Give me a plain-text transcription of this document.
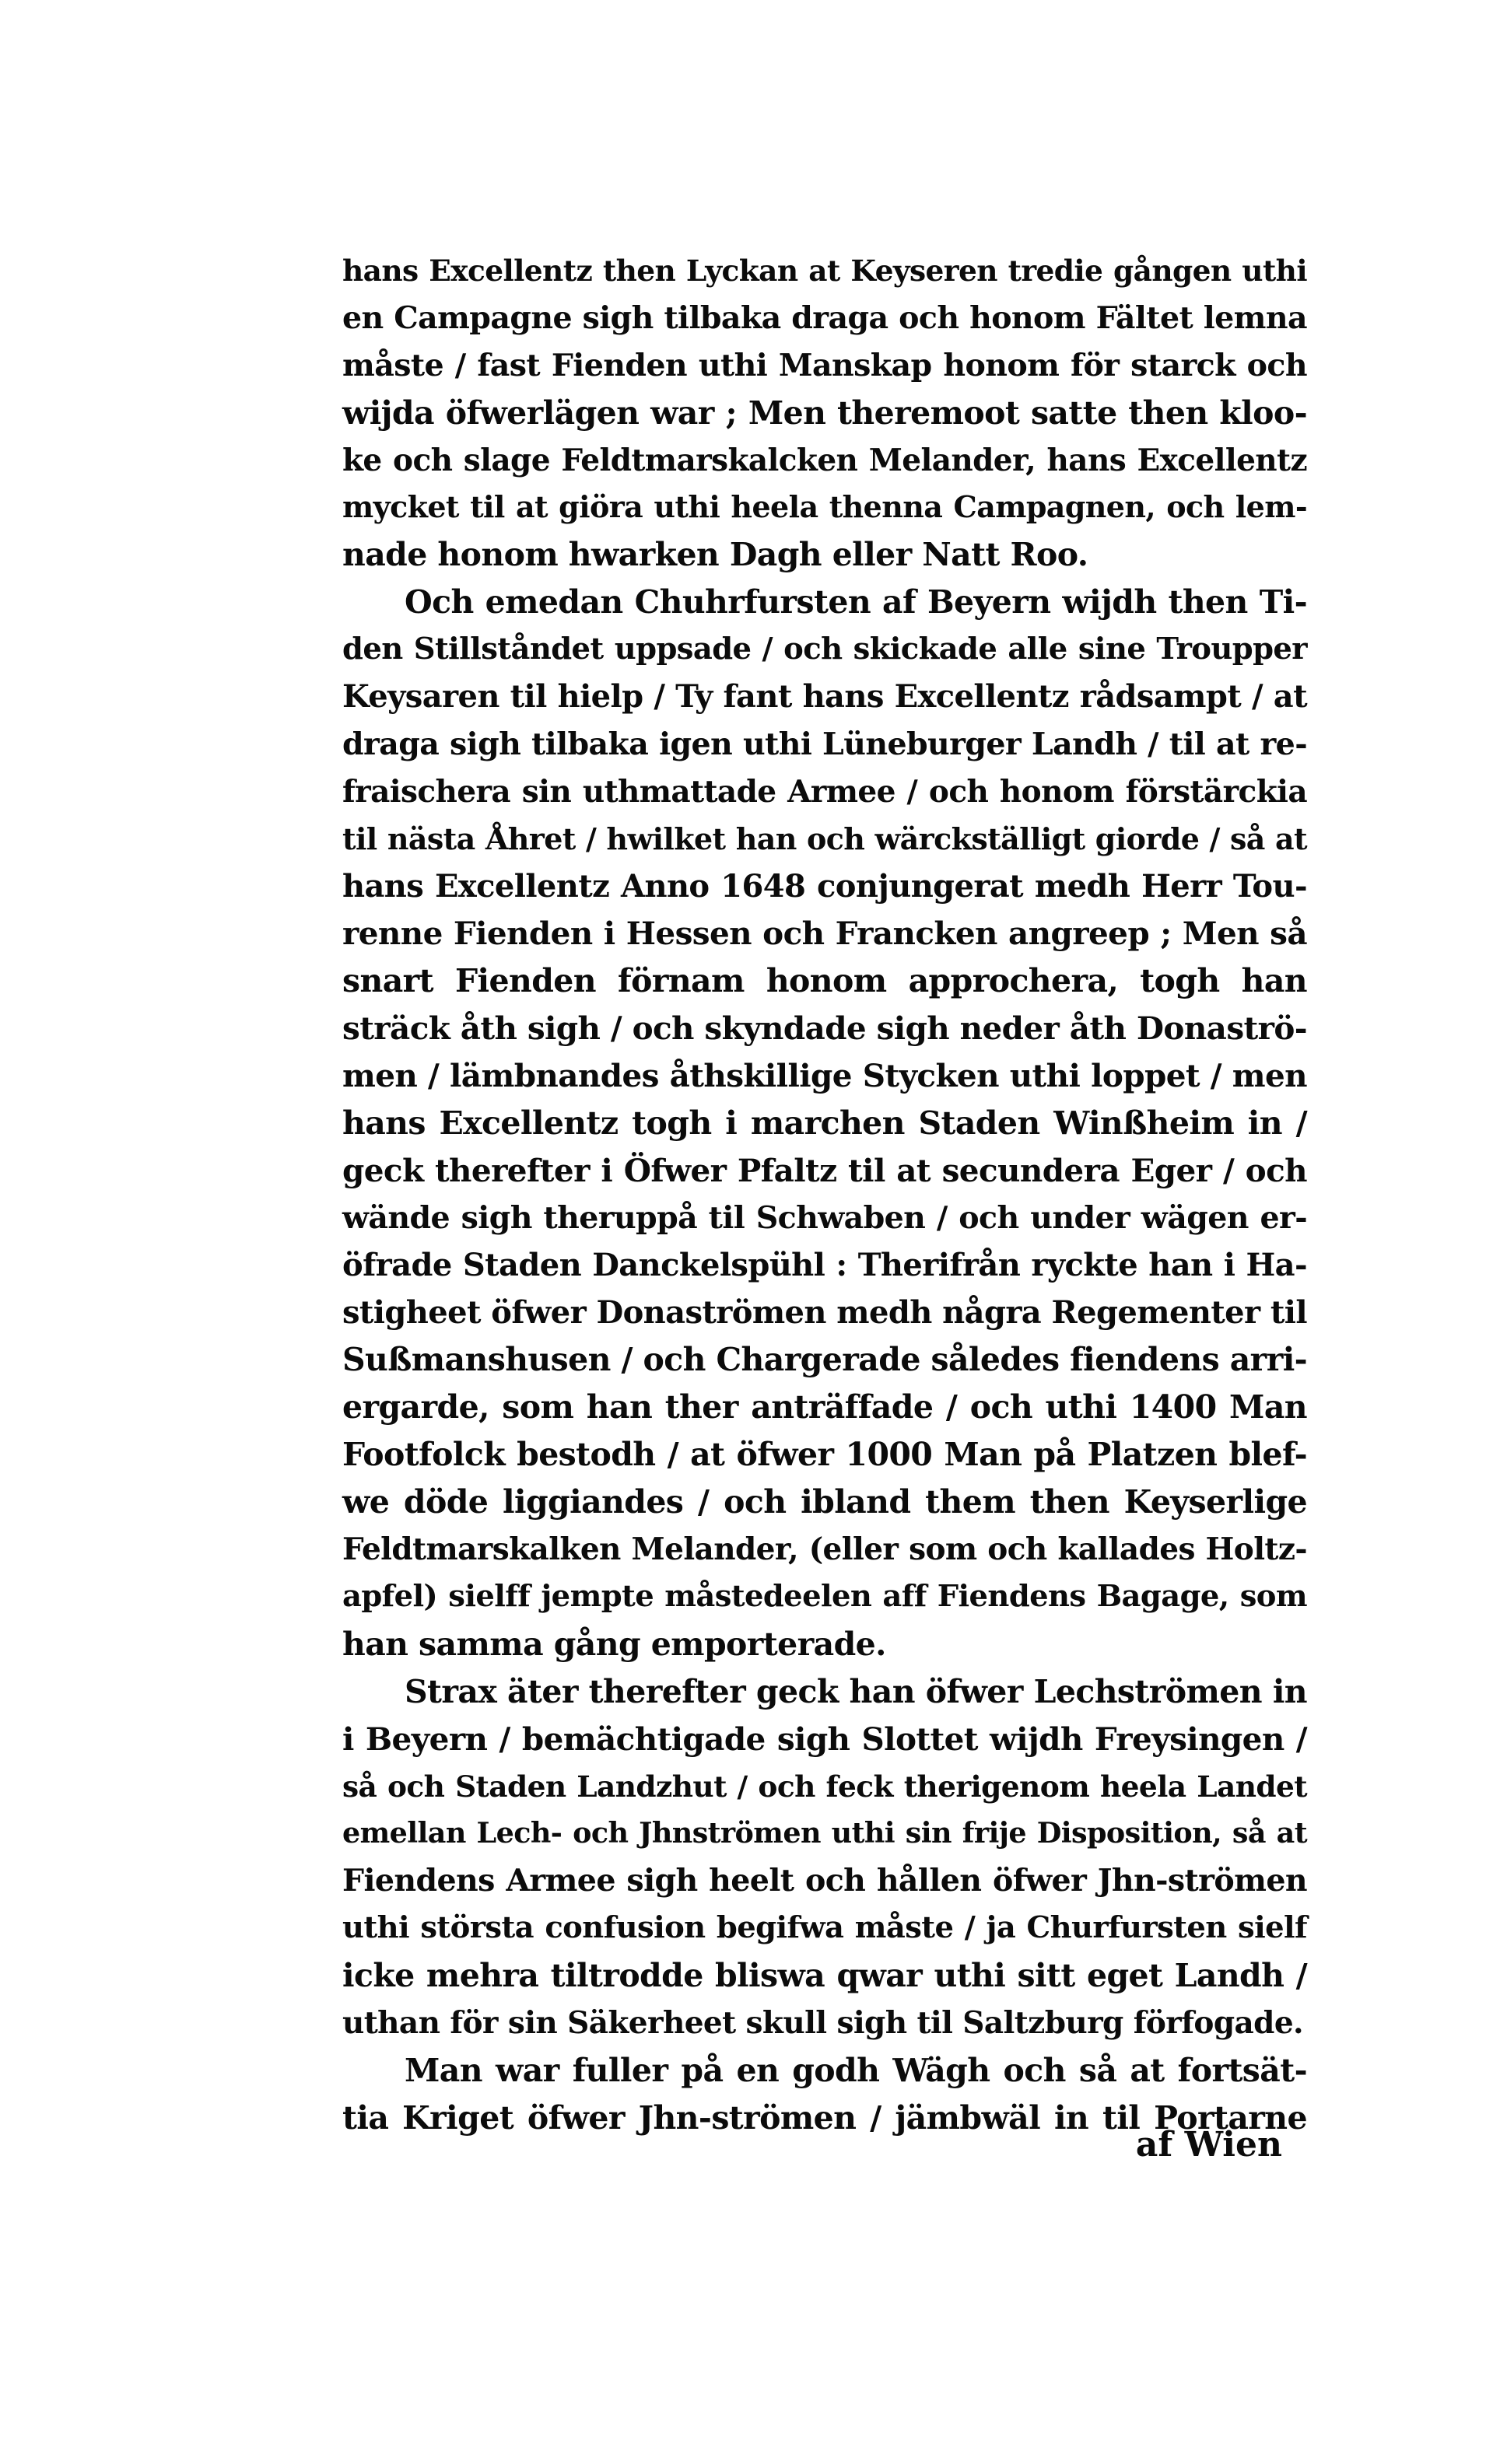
hans Excellentz then Lyckan at Keyseren tredie gången uthi
en Campagne sigh tilbaka draga och honom Fältet lemna
måste / fast Fienden uthi Manskap honom för starck och
wijda öfwerlägen war ; Men theremoot satte then kloo-
ke och slage Feldtmarskalcken Melander, hans Excellentz
mycket til at giöra uthi heela thenna Campagnen, och lem-
nade honom hwarken Dagh eller Natt Roo.
Och emedan Chuhrfursten af Beyern wijdh then Ti-
den Stillståndet uppsade / och skickade alle sine Troupper
Keysaren til hielp / Ty fant hans Excellentz rådsampt / at
draga sigh tilbaka igen uthi Lüneburger Landh / til at re-
fraischera sin uthmattade Armee / och honom förstärckia
til nästa Åhret / hwilket han och wärckställigt giorde / så at
hans Excellentz Anno 1648 conjungerat medh Herr Tou-
renne Fienden i Hessen och Francken angreep ; Men så
snart Fienden förnam honom approchera, togh han
sträck åth sigh / och skyndade sigh neder åth Donaströ-
men / lämbnandes åthskillige Stycken uthi loppet / men
hans Excellentz togh i marchen Staden Winßheim in /
geck therefter i Öfwer Pfaltz til at secundera Eger / och
wände sigh theruppå til Schwaben / och under wägen er-
öfrade Staden Danckelspühl : Therifrån ryckte han i Ha-
stigheet öfwer Donaströmen medh några Regementer til
Sußmanshusen / och Chargerade således fiendens arri-
ergarde, som han ther anträffade / och uthi 1400 Man
Footfolck bestodh / at öfwer 1000 Man på Platzen blef-
we döde liggiandes / och ibland them then Keyserlige
Feldtmarskalken Melander, (eller som och kallades Holtz-
apfel) sielff jempte måstedeelen aff Fiendens Bagage, som
han samma gång emporterade.
Strax äter therefter geck han öfwer Lechströmen in
i Beyern / bemächtigade sigh Slottet wijdh Freysingen /
så och Staden Landzhut / och feck therigenom heela Landet
emellan Lech- och Jhnströmen uthi sin frije Disposition, så at
Fiendens Armee sigh heelt och hållen öfwer Jhn-strömen
uthi största confusion begifwa måste / ja Churfursten sielf
icke mehra tiltrodde bliswa qwar uthi sitt eget Landh /
uthan för sin Säkerheet skull sigh til Saltzburg förfogade.
Man war fuller på en godh Wägh och så at fortsät-
tia Kriget öfwer Jhn-strömen / jämbwäl in til Portarne
af Wien
